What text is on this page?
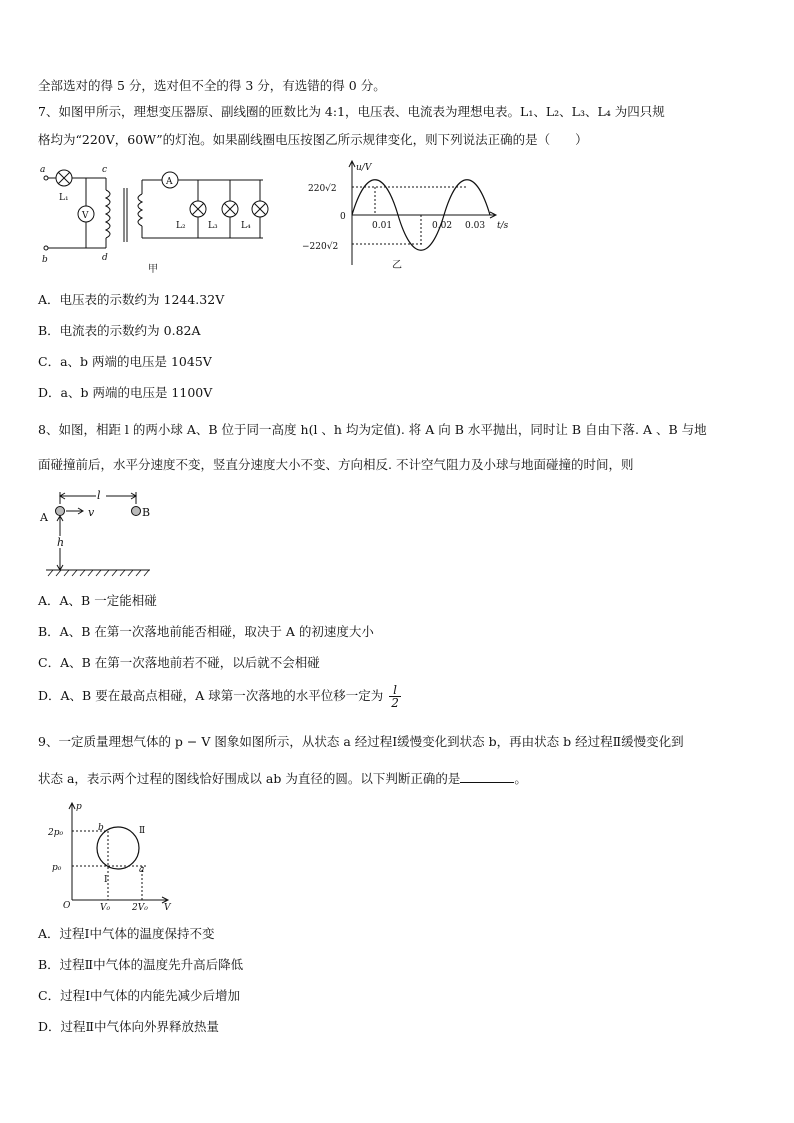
全部选对的得 5 分，选对但不全的得 3 分，有选错的得 0 分。
7、如图甲所示，理想变压器原、副线圈的匝数比为 4:1，电压表、电流表为理想电表。L₁、L₂、L₃、L₄ 为四只规
格均为“220V，60W”的灯泡。如果副线圈电压按图乙所示规律变化，则下列说法正确的是（　　）
a
b
c
d
L₁
V
A
L₂ L₃	L₄
甲
u/V
t/s
220√2
0
−220√2
0.01	0.02 0.03
乙
A．电压表的示数约为 1244.32V
B．电流表的示数约为 0.82A
C．a、b 两端的电压是 1045V
D．a、b 两端的电压是 1100V
8、如图，相距 l 的两小球 A、B 位于同一高度 h(l 、h 均为定值). 将 A 向 B 水平抛出，同时让 B 自由下落. A 、B 与地
面碰撞前后，水平分速度不变，竖直分速度大小不变、方向相反. 不计空气阻力及小球与地面碰撞的时间，则
A	B
v
l
h
A．A、B 一定能相碰
B．A、B 在第一次落地前能否相碰，取决于 A 的初速度大小
C．A、B 在第一次落地前若不碰，以后就不会相碰
D．A、B 要在最高点相碰，A 球第一次落地的水平位移一定为 $\frac{l}{2}$
9、一定质量理想气体的 p − V 图象如图所示，从状态 a 经过程Ⅰ缓慢变化到状态 b，再由状态 b 经过程Ⅱ缓慢变化到
状态 a，表示两个过程的图线恰好围成以 ab 为直径的圆。以下判断正确的是	。
p
V
O
2p₀
p₀
V₀ 2V₀
a
b
Ⅰ
Ⅱ
A．过程Ⅰ中气体的温度保持不变
B．过程Ⅱ中气体的温度先升高后降低
C．过程Ⅰ中气体的内能先减少后增加
D．过程Ⅱ中气体向外界释放热量
